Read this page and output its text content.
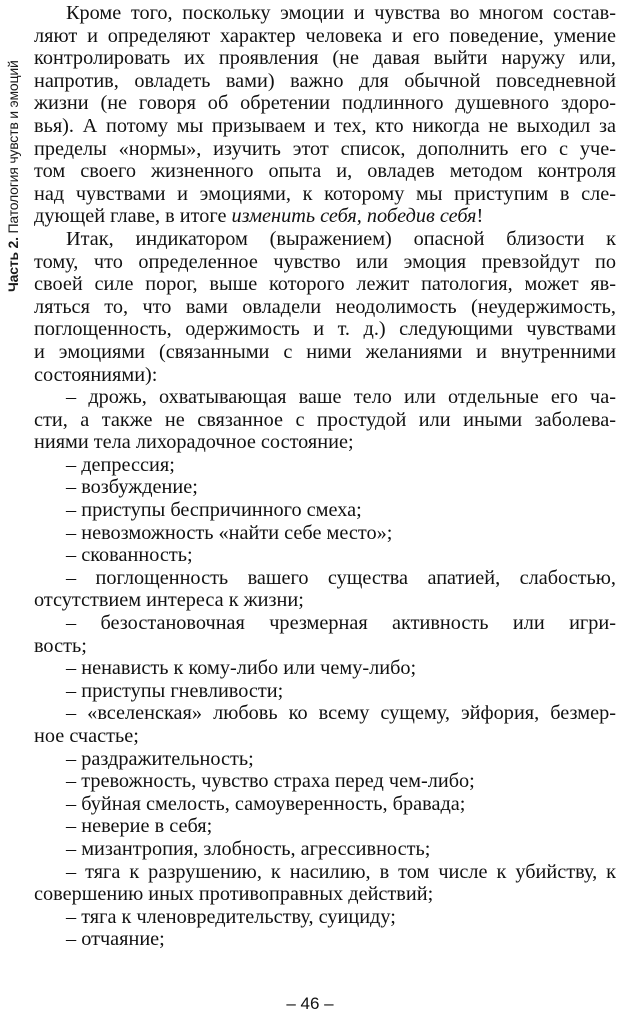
Часть 2. Патология чувств и эмоций
Кроме того, поскольку эмоции и чувства во многом состав-
ляют и определяют характер человека и его поведение, умение
контролировать их проявления (не давая выйти наружу или,
напротив, овладеть вами) важно для обычной повседневной
жизни (не говоря об обретении подлинного душевного здоро-
вья). А потому мы призываем и тех, кто никогда не выходил за
пределы «нормы», изучить этот список, дополнить его с уче-
том своего жизненного опыта и, овладев методом контроля
над чувствами и эмоциями, к которому мы приступим в сле-
дующей главе, в итоге изменить себя, победив себя!
Итак, индикатором (выражением) опасной близости к
тому, что определенное чувство или эмоция превзойдут по
своей силе порог, выше которого лежит патология, может яв-
ляться то, что вами овладели неодолимость (неудержимость,
поглощенность, одержимость и т. д.) следующими чувствами
и эмоциями (связанными с ними желаниями и внутренними
состояниями):
– дрожь, охватывающая ваше тело или отдельные его ча-
сти, а также не связанное с простудой или иными заболева-
ниями тела лихорадочное состояние;
– депрессия;
– возбуждение;
– приступы беспричинного смеха;
– невозможность «найти себе место»;
– скованность;
– поглощенность вашего существа апатией, слабостью,
отсутствием интереса к жизни;
– безостановочная чрезмерная активность или игри-
вость;
– ненависть к кому-либо или чему-либо;
– приступы гневливости;
– «вселенская» любовь ко всему сущему, эйфория, безмер-
ное счастье;
– раздражительность;
– тревожность, чувство страха перед чем-либо;
– буйная смелость, самоуверенность, бравада;
– неверие в себя;
– мизантропия, злобность, агрессивность;
– тяга к разрушению, к насилию, в том числе к убийству, к
совершению иных противоправных действий;
– тяга к членовредительству, суициду;
– отчаяние;
– 46 –
